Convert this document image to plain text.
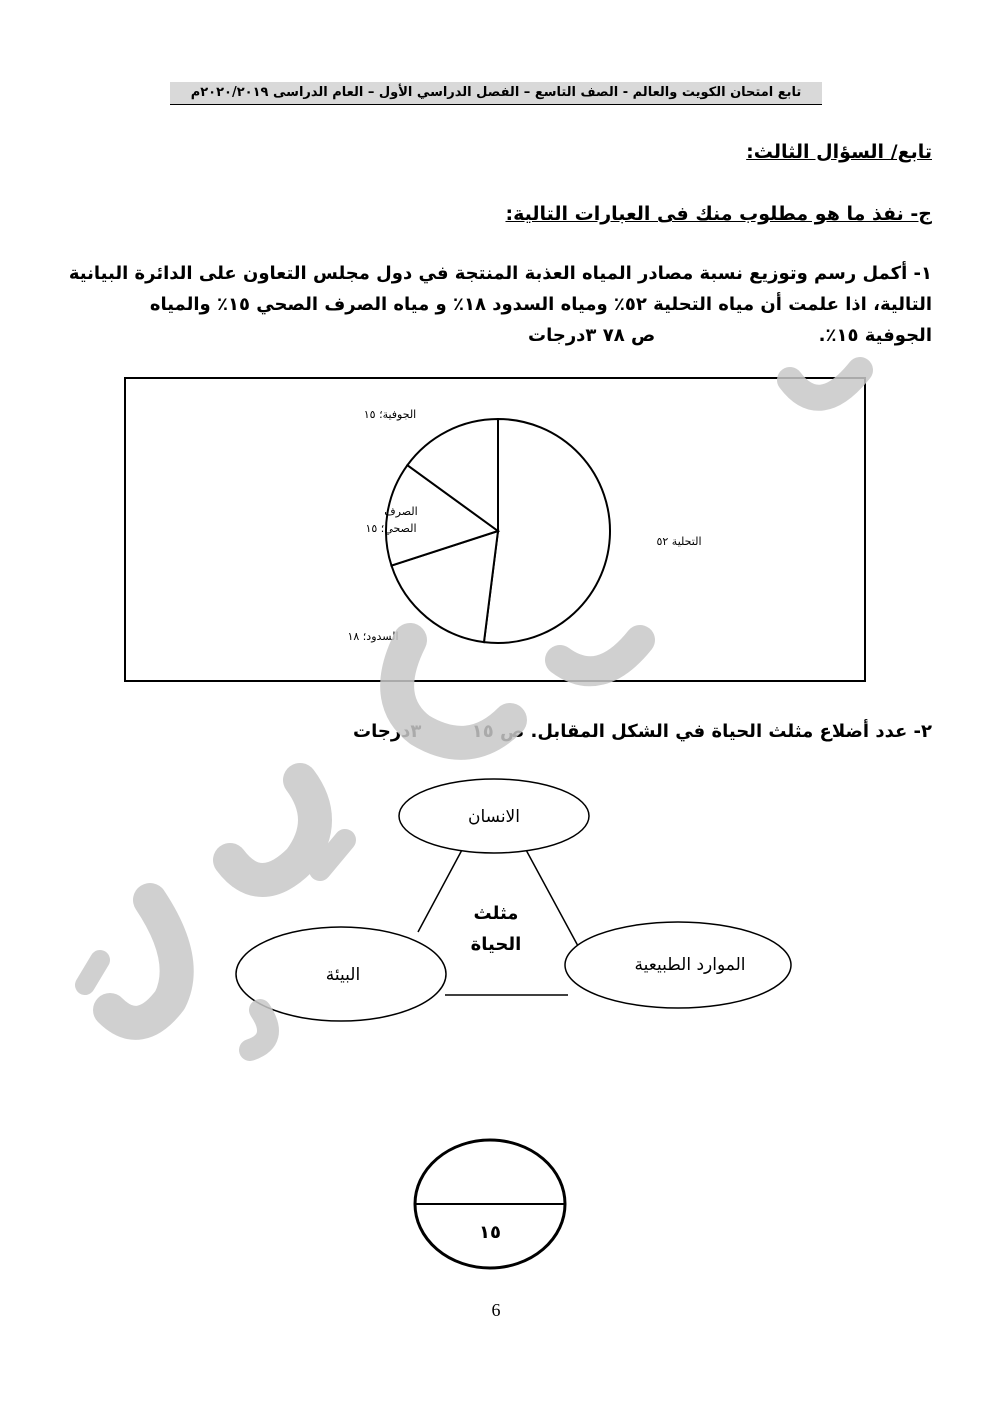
تابع امتحان الكويت والعالم - الصف التاسع – الفصل الدراسي الأول – العام الدراسى ٢٠٢٠/٢٠١٩م
تابع/ السؤال الثالث:
ج- نفذ ما هو مطلوب منك فى العبارات التالية:
١- أكمل رسم وتوزيع نسبة مصادر المياه العذبة المنتجة في دول مجلس التعاون على الدائرة البيانية
التالية، اذا علمت أن مياه التحلية ٥٢٪ ومياه السدود ١٨٪ و مياه الصرف الصحي ١٥٪ والمياه
الجوفية ١٥٪.
ص ٧٨ ٣درجات
التحلية ٥٢
السدود؛ ١٨
الصرف
الصحي؛ ١٥
الجوفية؛ ١٥
٢- عدد أضلاع مثلث الحياة في الشكل المقابل. ص ١٥
٣درجات
الانسان
الموارد الطبيعية
البيئة
مثلث
الحياة
١٥
6
